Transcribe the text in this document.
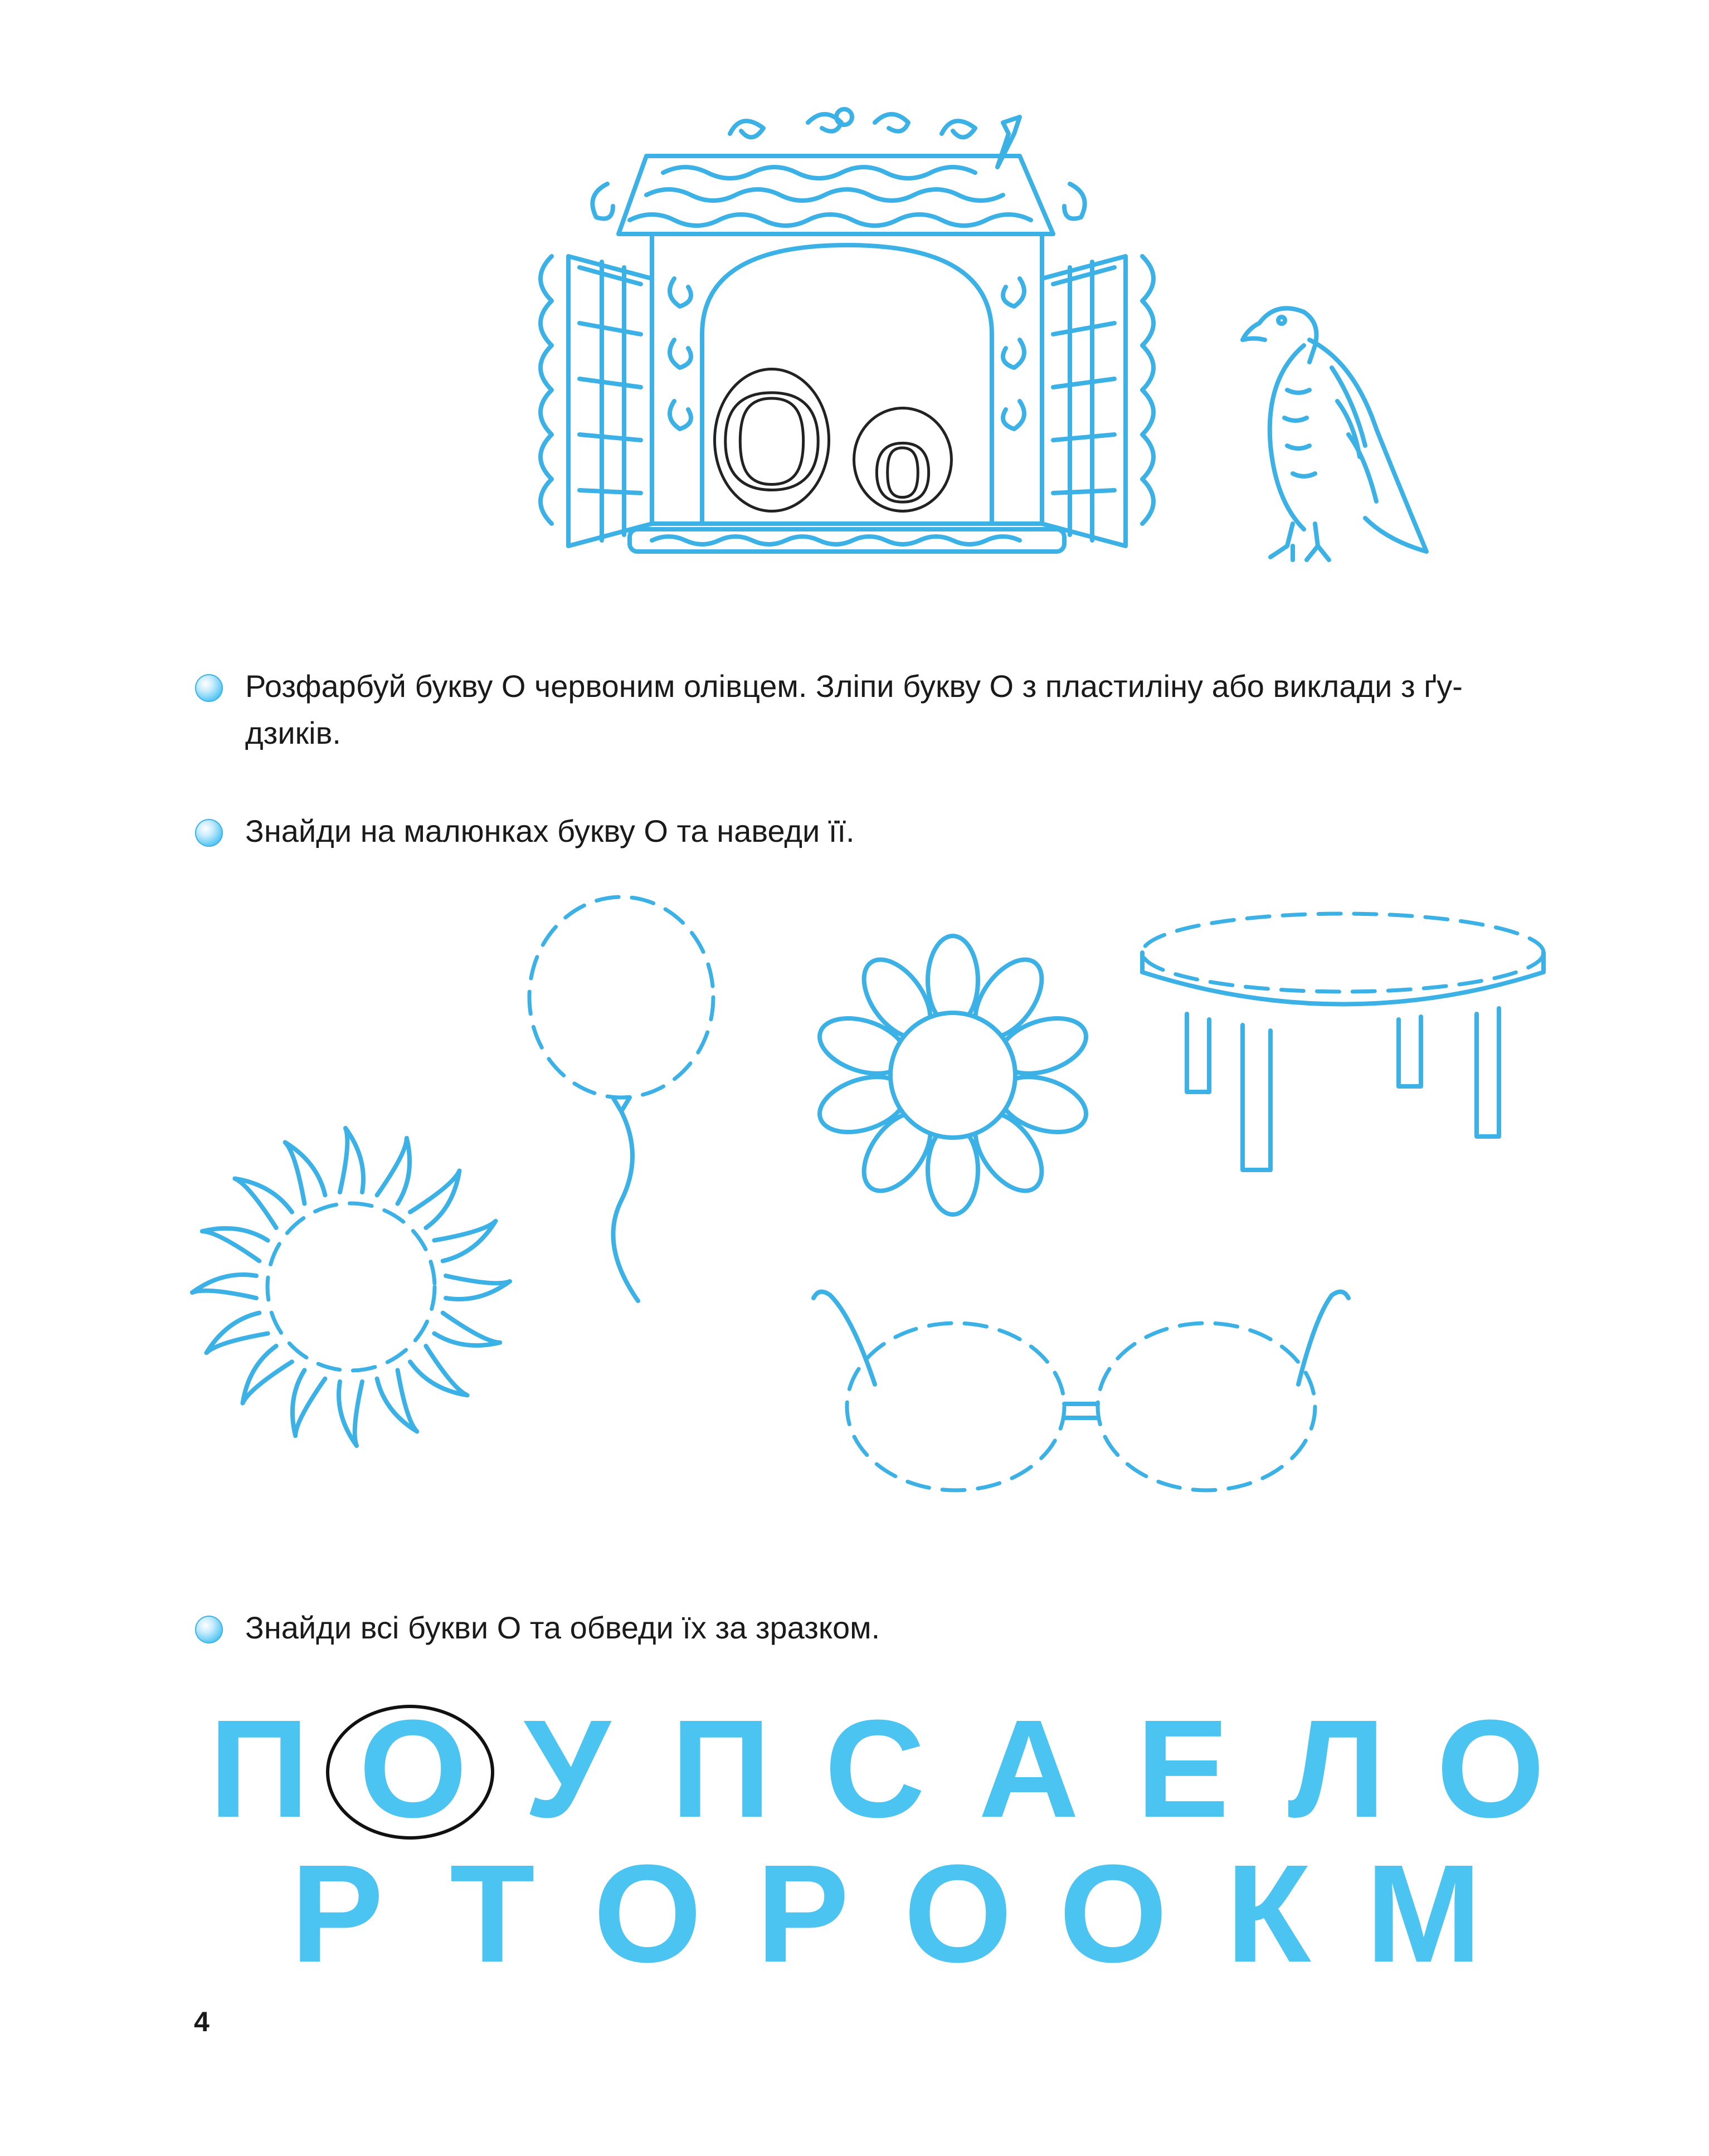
О о
Розфарбуй букву О червоним олівцем. Зліпи букву О з пластиліну або виклади з ґу-
дзиків.
Знайди на малюнках букву О та наведи її.
Знайди всі букви О та обведи їх за зразком.
П О У П С А Е Л О
Р Т О Р О О К М
4
